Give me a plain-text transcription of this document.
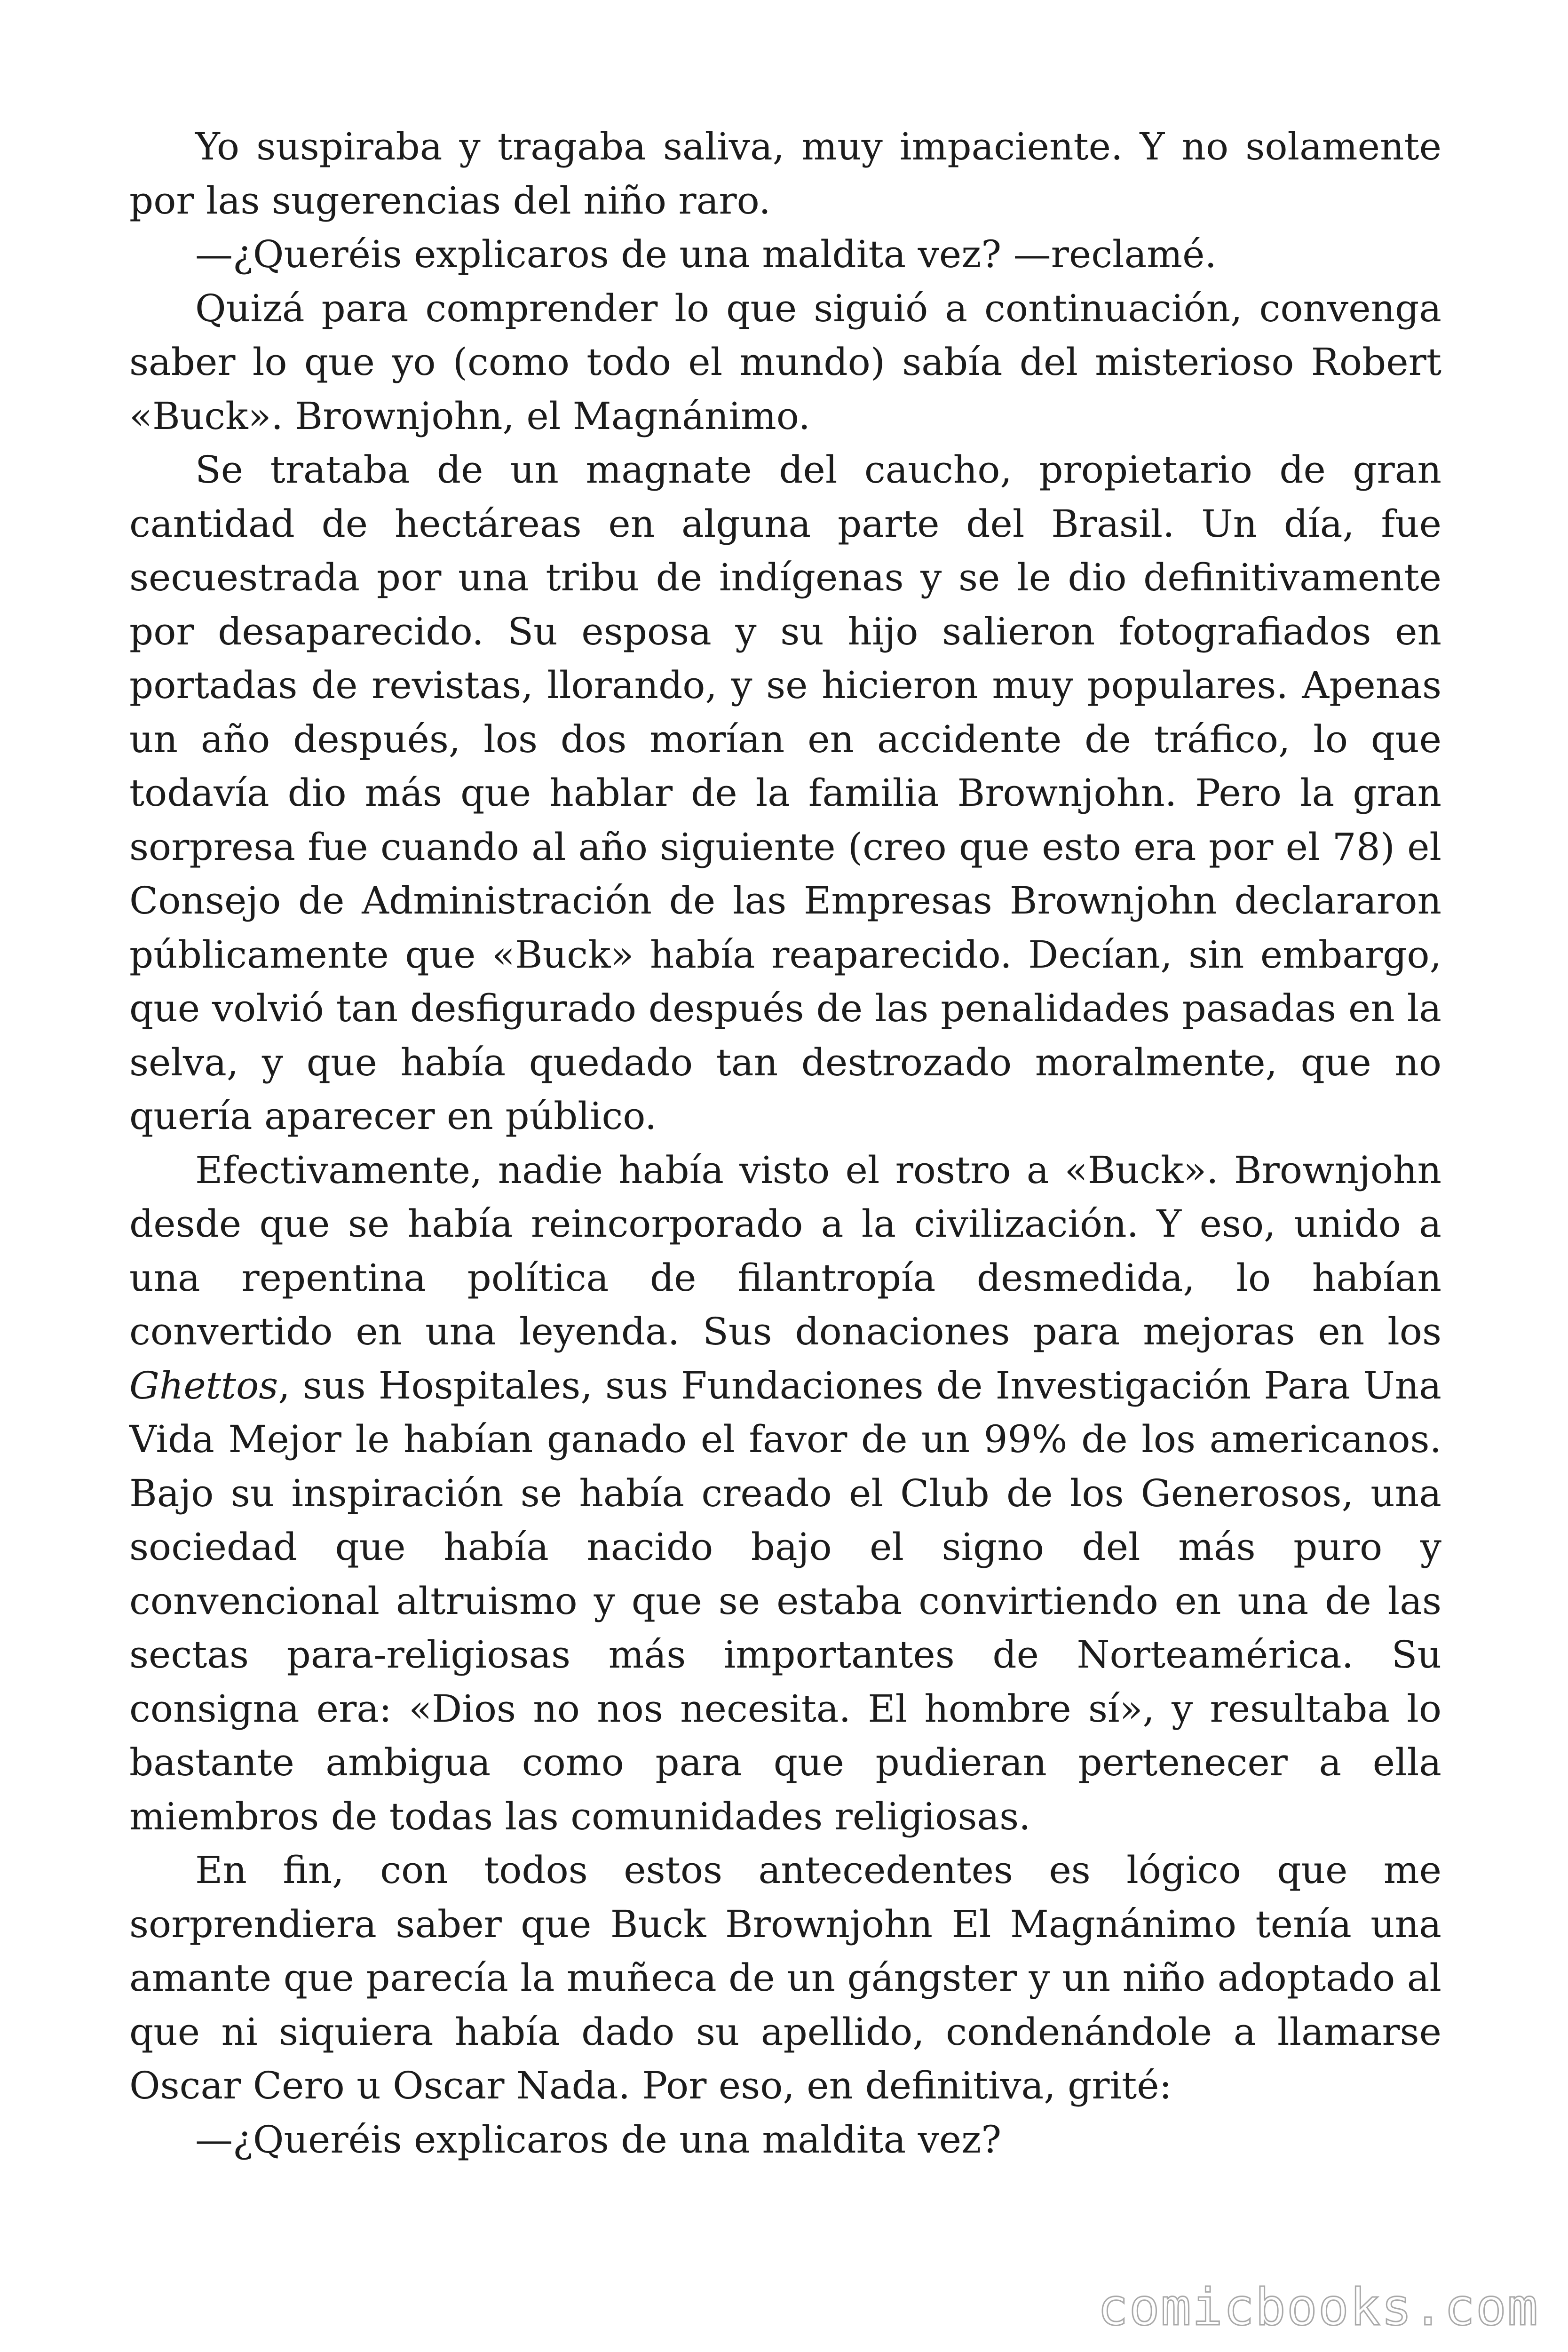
Yo suspiraba y tragaba saliva, muy impaciente. Y no solamente por las sugerencias del niño raro.

—¿Queréis explicaros de una maldita vez? —reclamé.

Quizá para comprender lo que siguió a continuación, convenga saber lo que yo (como todo el mundo) sabía del misterioso Robert «Buck». Brownjohn, el Magnánimo.

Se trataba de un magnate del caucho, propietario de gran cantidad de hectáreas en alguna parte del Brasil. Un día, fue secuestrada por una tribu de indígenas y se le dio definitivamente por desaparecido. Su esposa y su hijo salieron fotografiados en portadas de revistas, llorando, y se hicieron muy populares. Apenas un año después, los dos morían en accidente de tráfico, lo que todavía dio más que hablar de la familia Brownjohn. Pero la gran sorpresa fue cuando al año siguiente (creo que esto era por el 78) el Consejo de Administración de las Empresas Brownjohn declararon públicamente que «Buck» había reaparecido. Decían, sin embargo, que volvió tan desfigurado después de las penalidades pasadas en la selva, y que había quedado tan destrozado moralmente, que no quería aparecer en público.

Efectivamente, nadie había visto el rostro a «Buck». Brownjohn desde que se había reincorporado a la civilización. Y eso, unido a una repentina política de filantropía desmedida, lo habían convertido en una leyenda. Sus donaciones para mejoras en los Ghettos, sus Hospitales, sus Fundaciones de Investigación Para Una Vida Mejor le habían ganado el favor de un 99% de los americanos. Bajo su inspiración se había creado el Club de los Generosos, una sociedad que había nacido bajo el signo del más puro y convencional altruismo y que se estaba convirtiendo en una de las sectas para-religiosas más importantes de Norteamérica. Su consigna era: «Dios no nos necesita. El hombre sí», y resultaba lo bastante ambigua como para que pudieran pertenecer a ella miembros de todas las comunidades religiosas.

En fin, con todos estos antecedentes es lógico que me sorprendiera saber que Buck Brownjohn El Magnánimo tenía una amante que parecía la muñeca de un gángster y un niño adoptado al que ni siquiera había dado su apellido, condenándole a llamarse Oscar Cero u Oscar Nada. Por eso, en definitiva, grité:

—¿Queréis explicaros de una maldita vez?

comicbooks.com
